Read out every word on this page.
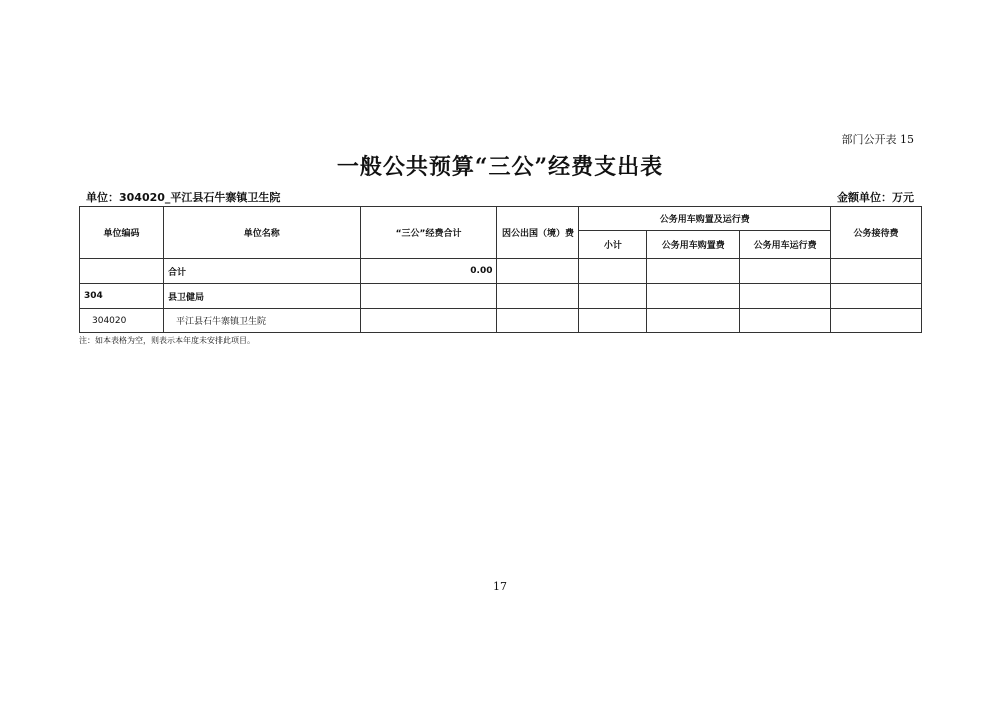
部门公开表 15
一般公共预算“三公”经费支出表
单位：304020_平江县石牛寨镇卫生院	金额单位：万元
单位编码	单位名称	“三公”经费合计	因公出国（境）费	公务用车购置及运行费			公务接待费
				小计	公务用车购置费	公务用车运行费	
	合计	0.00					
304	县卫健局						
304020	平江县石牛寨镇卫生院						
注：如本表格为空，则表示本年度未安排此项目。
17
